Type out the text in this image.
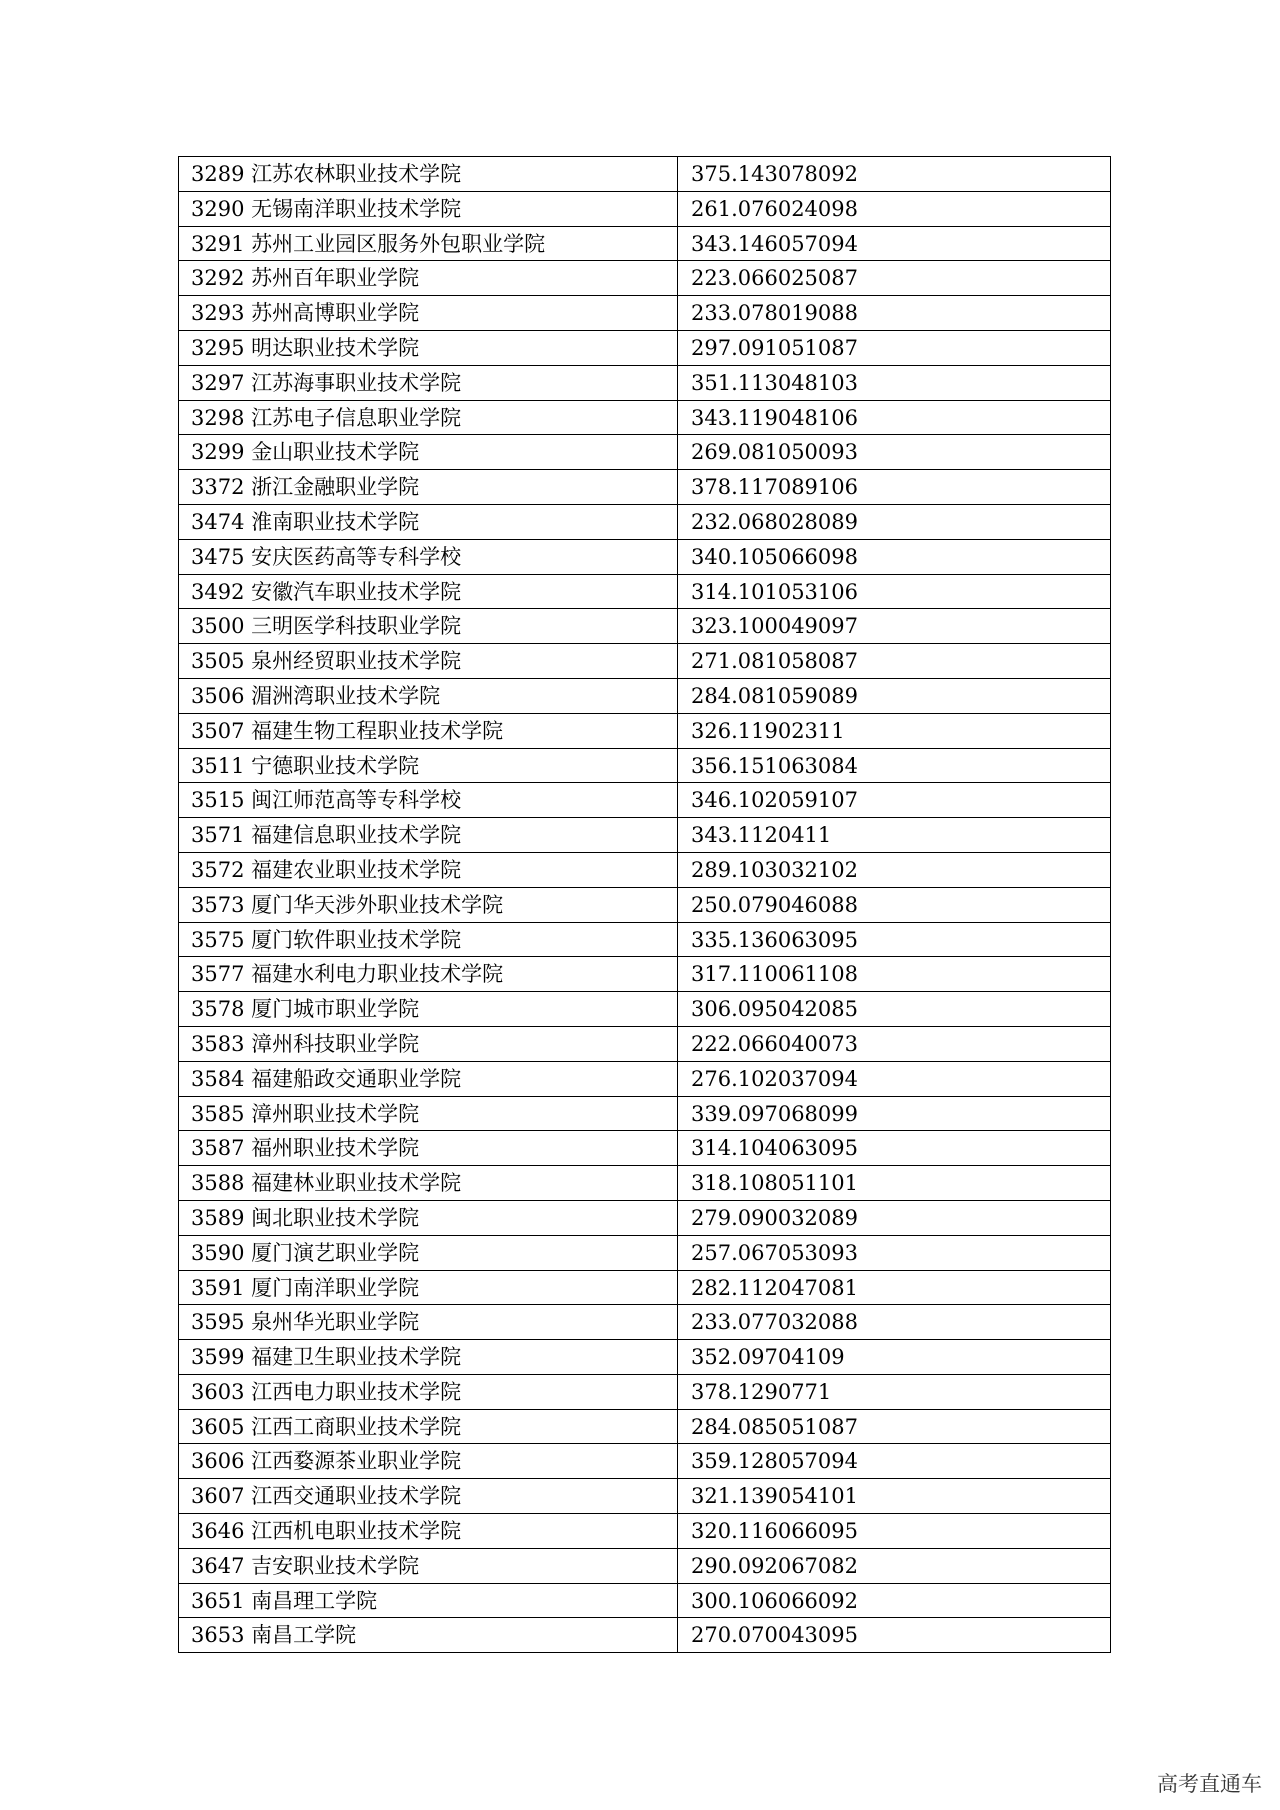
3289 江苏农林职业技术学院	375.143078092
3290 无锡南洋职业技术学院	261.076024098
3291 苏州工业园区服务外包职业学院	343.146057094
3292 苏州百年职业学院	223.066025087
3293 苏州高博职业学院	233.078019088
3295 明达职业技术学院	297.091051087
3297 江苏海事职业技术学院	351.113048103
3298 江苏电子信息职业学院	343.119048106
3299 金山职业技术学院	269.081050093
3372 浙江金融职业学院	378.117089106
3474 淮南职业技术学院	232.068028089
3475 安庆医药高等专科学校	340.105066098
3492 安徽汽车职业技术学院	314.101053106
3500 三明医学科技职业学院	323.100049097
3505 泉州经贸职业技术学院	271.081058087
3506 湄洲湾职业技术学院	284.081059089
3507 福建生物工程职业技术学院	326.11902311
3511 宁德职业技术学院	356.151063084
3515 闽江师范高等专科学校	346.102059107
3571 福建信息职业技术学院	343.1120411
3572 福建农业职业技术学院	289.103032102
3573 厦门华天涉外职业技术学院	250.079046088
3575 厦门软件职业技术学院	335.136063095
3577 福建水利电力职业技术学院	317.110061108
3578 厦门城市职业学院	306.095042085
3583 漳州科技职业学院	222.066040073
3584 福建船政交通职业学院	276.102037094
3585 漳州职业技术学院	339.097068099
3587 福州职业技术学院	314.104063095
3588 福建林业职业技术学院	318.108051101
3589 闽北职业技术学院	279.090032089
3590 厦门演艺职业学院	257.067053093
3591 厦门南洋职业学院	282.112047081
3595 泉州华光职业学院	233.077032088
3599 福建卫生职业技术学院	352.09704109
3603 江西电力职业技术学院	378.1290771
3605 江西工商职业技术学院	284.085051087
3606 江西婺源茶业职业学院	359.128057094
3607 江西交通职业技术学院	321.139054101
3646 江西机电职业技术学院	320.116066095
3647 吉安职业技术学院	290.092067082
3651 南昌理工学院	300.106066092
3653 南昌工学院	270.070043095
高考直通车
